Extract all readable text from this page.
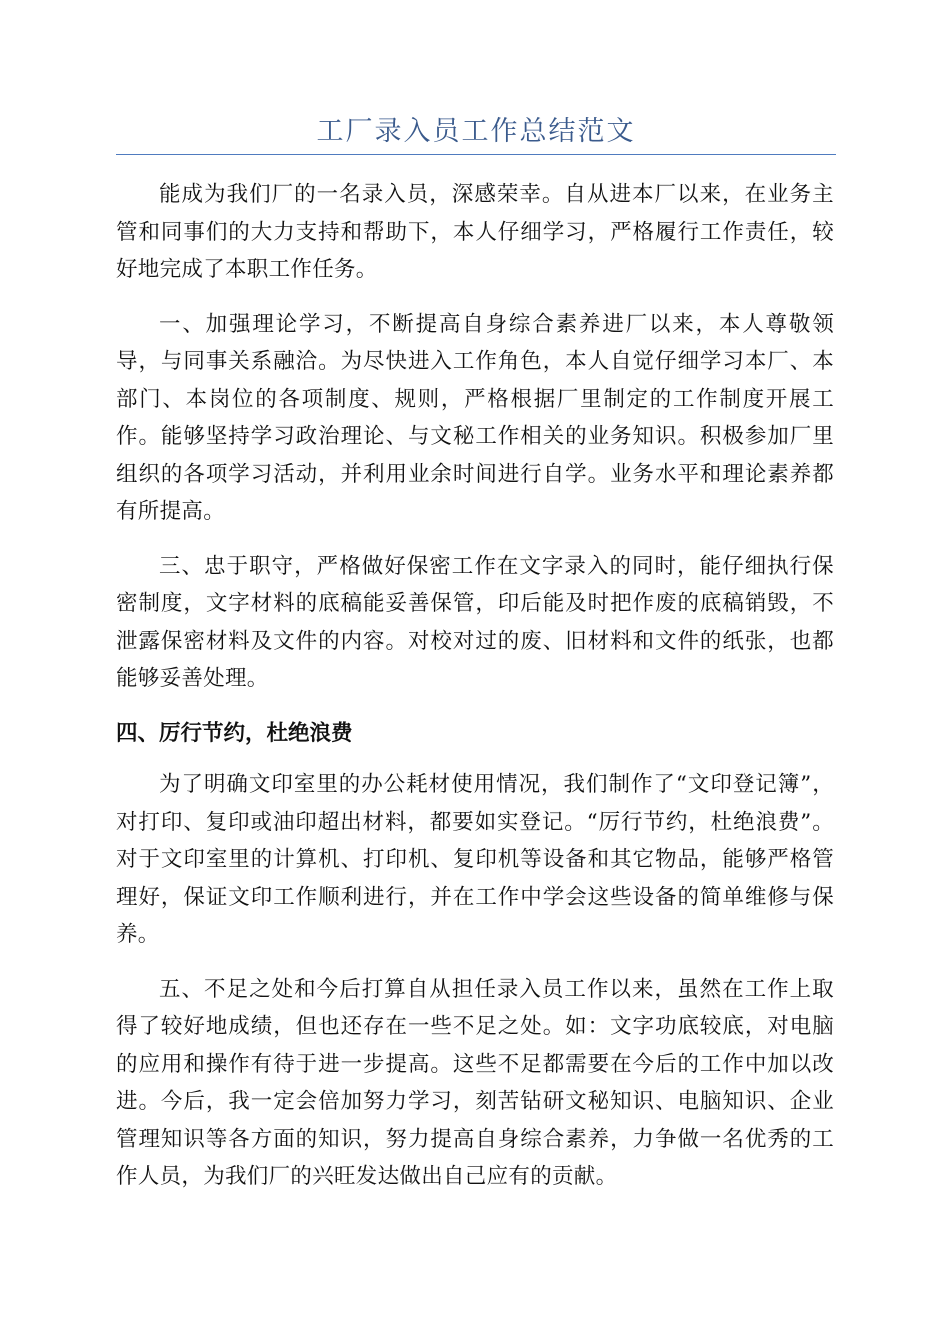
工厂录入员工作总结范文

能成为我们厂的一名录入员，深感荣幸。自从进本厂以来，在业务主管和同事们的大力支持和帮助下，本人仔细学习，严格履行工作责任，较好地完成了本职工作任务。

一、加强理论学习，不断提高自身综合素养进厂以来，本人尊敬领导，与同事关系融洽。为尽快进入工作角色，本人自觉仔细学习本厂、本部门、本岗位的各项制度、规则，严格根据厂里制定的工作制度开展工作。能够坚持学习政治理论、与文秘工作相关的业务知识。积极参加厂里组织的各项学习活动，并利用业余时间进行自学。业务水平和理论素养都有所提高。

三、忠于职守，严格做好保密工作在文字录入的同时，能仔细执行保密制度，文字材料的底稿能妥善保管，印后能及时把作废的底稿销毁，不泄露保密材料及文件的内容。对校对过的废、旧材料和文件的纸张，也都能够妥善处理。

四、厉行节约，杜绝浪费

为了明确文印室里的办公耗材使用情况，我们制作了“文印登记簿”，对打印、复印或油印超出材料，都要如实登记。“厉行节约，杜绝浪费”。对于文印室里的计算机、打印机、复印机等设备和其它物品，能够严格管理好，保证文印工作顺利进行，并在工作中学会这些设备的简单维修与保养。

五、不足之处和今后打算自从担任录入员工作以来，虽然在工作上取得了较好地成绩，但也还存在一些不足之处。如：文字功底较底，对电脑的应用和操作有待于进一步提高。这些不足都需要在今后的工作中加以改进。今后，我一定会倍加努力学习，刻苦钻研文秘知识、电脑知识、企业管理知识等各方面的知识，努力提高自身综合素养，力争做一名优秀的工作人员，为我们厂的兴旺发达做出自己应有的贡献。
